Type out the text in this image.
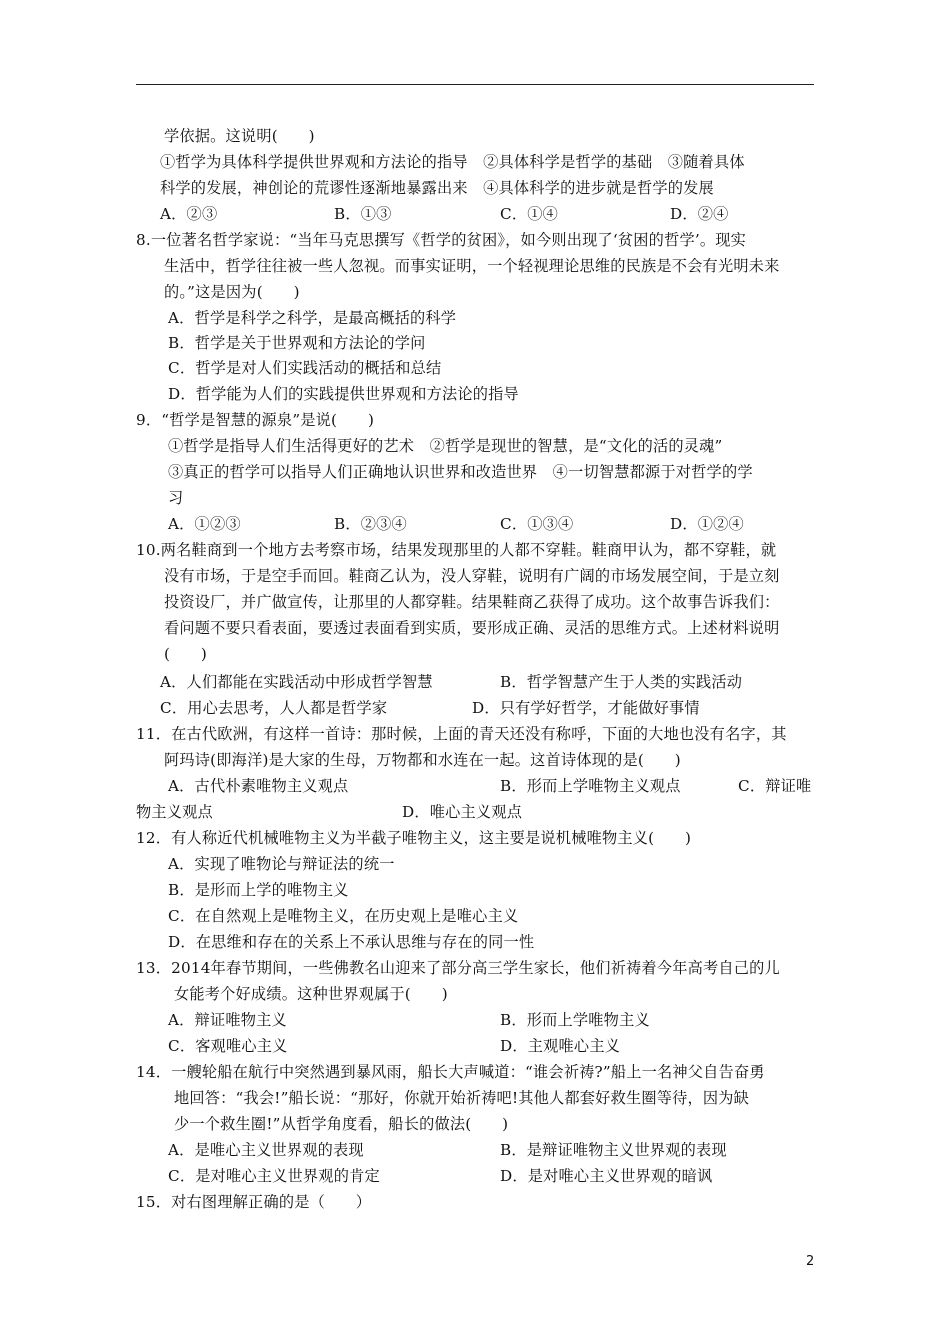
学依据。这说明(　　)
①哲学为具体科学提供世界观和方法论的指导　②具体科学是哲学的基础　③随着具体
科学的发展，神创论的荒谬性逐渐地暴露出来　④具体科学的进步就是哲学的发展
A．②③	B．①③	C．①④	D．②④
8.一位著名哲学家说：“当年马克思撰写《哲学的贫困》，如今则出现了‘贫困的哲学’。现实
生活中，哲学往往被一些人忽视。而事实证明，一个轻视理论思维的民族是不会有光明未来
的。”这是因为(　　)
A．哲学是科学之科学，是最高概括的科学
B．哲学是关于世界观和方法论的学问
C．哲学是对人们实践活动的概括和总结
D．哲学能为人们的实践提供世界观和方法论的指导
9．“哲学是智慧的源泉”是说(　　)
①哲学是指导人们生活得更好的艺术　②哲学是现世的智慧，是“文化的活的灵魂”
③真正的哲学可以指导人们正确地认识世界和改造世界　④一切智慧都源于对哲学的学
习
A．①②③	B．②③④	C．①③④	D．①②④
10.两名鞋商到一个地方去考察市场，结果发现那里的人都不穿鞋。鞋商甲认为，都不穿鞋，就
没有市场，于是空手而回。鞋商乙认为，没人穿鞋，说明有广阔的市场发展空间，于是立刻
投资设厂，并广做宣传，让那里的人都穿鞋。结果鞋商乙获得了成功。这个故事告诉我们：
看问题不要只看表面，要透过表面看到实质，要形成正确、灵活的思维方式。上述材料说明
(　　)
A．人们都能在实践活动中形成哲学智慧	B．哲学智慧产生于人类的实践活动
C．用心去思考，人人都是哲学家	D．只有学好哲学，才能做好事情
11．在古代欧洲，有这样一首诗：那时候，上面的青天还没有称呼，下面的大地也没有名字，其
阿玛诗(即海洋)是大家的生母，万物都和水连在一起。这首诗体现的是(　　)
A．古代朴素唯物主义观点	B．形而上学唯物主义观点	C．辩证唯
物主义观点	D．唯心主义观点
12．有人称近代机械唯物主义为半截子唯物主义，这主要是说机械唯物主义(　　)
A．实现了唯物论与辩证法的统一
B．是形而上学的唯物主义
C．在自然观上是唯物主义，在历史观上是唯心主义
D．在思维和存在的关系上不承认思维与存在的同一性
13．2014年春节期间，一些佛教名山迎来了部分高三学生家长，他们祈祷着今年高考自己的儿
女能考个好成绩。这种世界观属于(　　)
A．辩证唯物主义	B．形而上学唯物主义
C．客观唯心主义	D．主观唯心主义
14．一艘轮船在航行中突然遇到暴风雨，船长大声喊道：“谁会祈祷?”船上一名神父自告奋勇
地回答：“我会!”船长说：“那好，你就开始祈祷吧!其他人都套好救生圈等待，因为缺
少一个救生圈!”从哲学角度看，船长的做法(　　)
A．是唯心主义世界观的表现	B．是辩证唯物主义世界观的表现
C．是对唯心主义世界观的肯定	D．是对唯心主义世界观的暗讽
15．对右图理解正确的是（　　）
2
